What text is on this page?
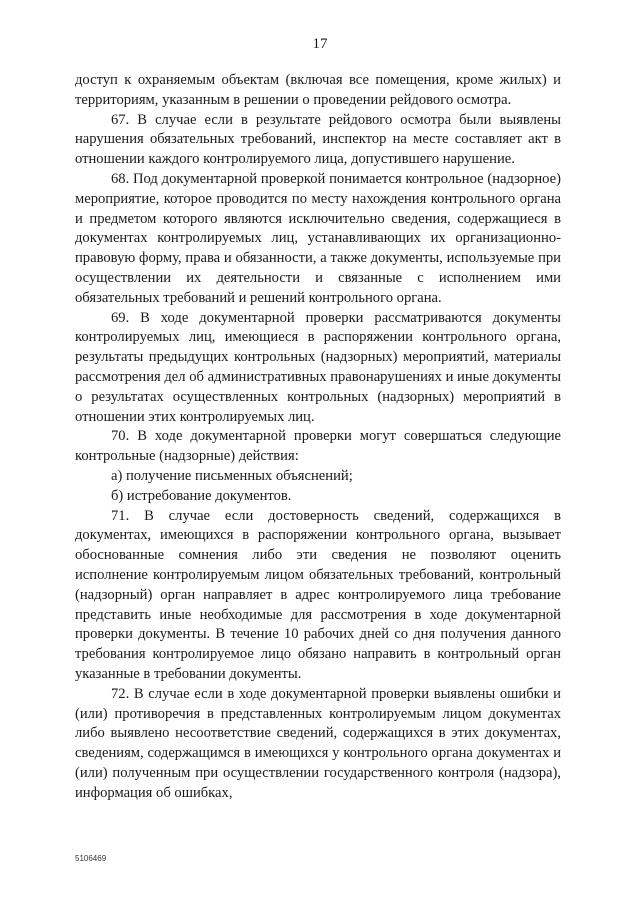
17

доступ к охраняемым объектам (включая все помещения, кроме жилых) и территориям, указанным в решении о проведении рейдового осмотра.

67. В случае если в результате рейдового осмотра были выявлены нарушения обязательных требований, инспектор на месте составляет акт в отношении каждого контролируемого лица, допустившего нарушение.

68. Под документарной проверкой понимается контрольное (надзорное) мероприятие, которое проводится по месту нахождения контрольного органа и предметом которого являются исключительно сведения, содержащиеся в документах контролируемых лиц, устанавливающих их организационно-правовую форму, права и обязанности, а также документы, используемые при осуществлении их деятельности и связанные с исполнением ими обязательных требований и решений контрольного органа.

69. В ходе документарной проверки рассматриваются документы контролируемых лиц, имеющиеся в распоряжении контрольного органа, результаты предыдущих контрольных (надзорных) мероприятий, материалы рассмотрения дел об административных правонарушениях и иные документы о результатах осуществленных контрольных (надзорных) мероприятий в отношении этих контролируемых лиц.

70. В ходе документарной проверки могут совершаться следующие контрольные (надзорные) действия:

а) получение письменных объяснений;

б) истребование документов.

71. В случае если достоверность сведений, содержащихся в документах, имеющихся в распоряжении контрольного органа, вызывает обоснованные сомнения либо эти сведения не позволяют оценить исполнение контролируемым лицом обязательных требований, контрольный (надзорный) орган направляет в адрес контролируемого лица требование представить иные необходимые для рассмотрения в ходе документарной проверки документы. В течение 10 рабочих дней со дня получения данного требования контролируемое лицо обязано направить в контрольный орган указанные в требовании документы.

72. В случае если в ходе документарной проверки выявлены ошибки и (или) противоречия в представленных контролируемым лицом документах либо выявлено несоответствие сведений, содержащихся в этих документах, сведениям, содержащимся в имеющихся у контрольного органа документах и (или) полученным при осуществлении государственного контроля (надзора), информация об ошибках,

5106469
